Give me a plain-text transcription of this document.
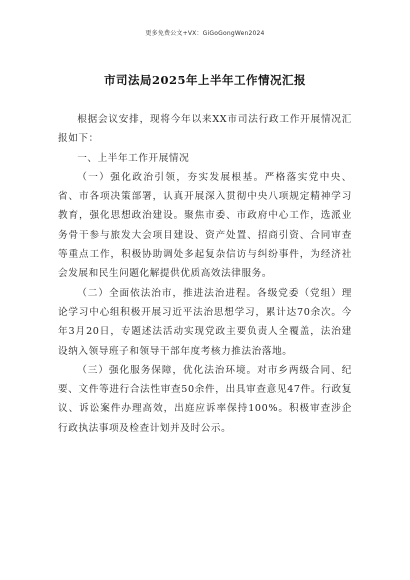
更多免费公文+VX：GiGoGongWen2024
市司法局2025年上半年工作情况汇报

根据会议安排，现将今年以来XX市司法行政工作开展情况汇报如下：

一、上半年工作开展情况

（一）强化政治引领，夯实发展根基。严格落实党中央、省、市各项决策部署，认真开展深入贯彻中央八项规定精神学习教育，强化思想政治建设。聚焦市委、市政府中心工作，选派业务骨干参与旅发大会项目建设、资产处置、招商引资、合同审查等重点工作，积极协助调处多起复杂信访与纠纷事件，为经济社会发展和民生问题化解提供优质高效法律服务。

（二）全面依法治市，推进法治进程。各级党委（党组）理论学习中心组积极开展习近平法治思想学习，累计达70余次。今年3月20日，专题述法活动实现党政主要负责人全覆盖，法治建设纳入领导班子和领导干部年度考核力推法治落地。

（三）强化服务保障，优化法治环境。对市乡两级合同、纪要、文件等进行合法性审查50余件，出具审查意见47件。行政复议、诉讼案件办理高效，出庭应诉率保持100%。积极审查涉企行政执法事项及检查计划并及时公示。
